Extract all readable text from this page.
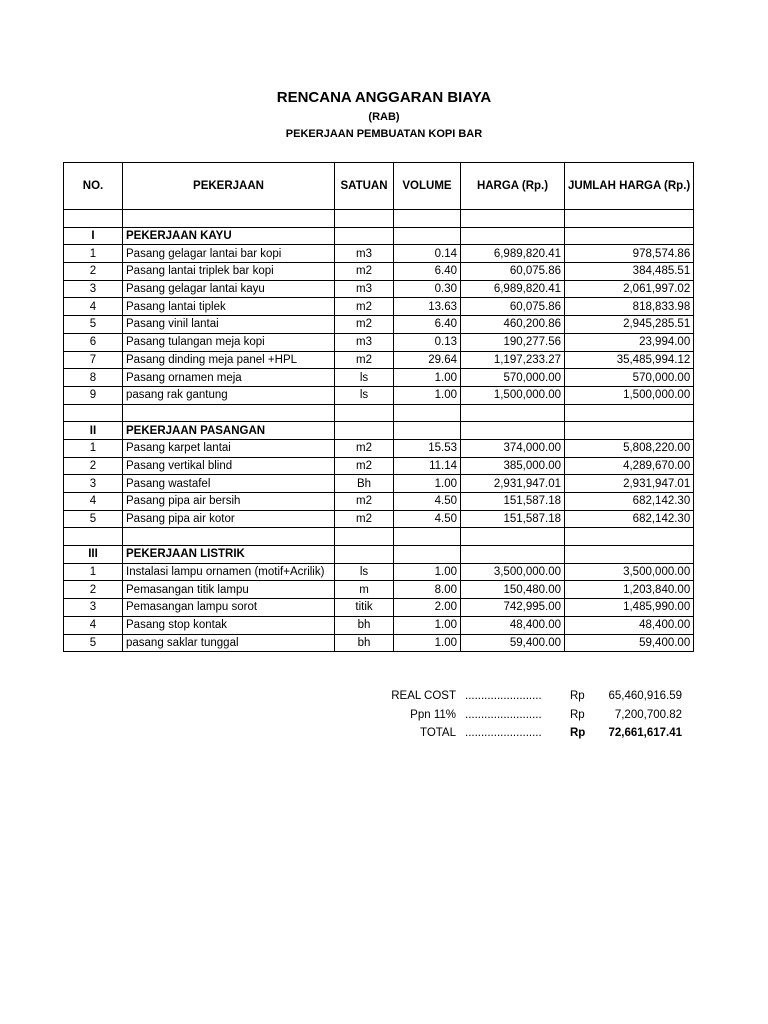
RENCANA ANGGARAN BIAYA
(RAB)
PEKERJAAN PEMBUATAN KOPI BAR
NO.	PEKERJAAN	SATUAN	VOLUME	HARGA (Rp.)	JUMLAH HARGA (Rp.)

I	PEKERJAAN KAYU				
1	Pasang gelagar lantai bar kopi	m3	0.14	6,989,820.41	978,574.86
2	Pasang lantai triplek bar kopi	m2	6.40	60,075.86	384,485.51
3	Pasang gelagar lantai kayu	m3	0.30	6,989,820.41	2,061,997.02
4	Pasang lantai tiplek	m2	13.63	60,075.86	818,833.98
5	Pasang vinil lantai	m2	6.40	460,200.86	2,945,285.51
6	Pasang tulangan meja kopi	m3	0.13	190,277.56	23,994.00
7	Pasang dinding meja panel +HPL	m2	29.64	1,197,233.27	35,485,994.12
8	Pasang ornamen meja	ls	1.00	570,000.00	570,000.00
9	pasang rak gantung	ls	1.00	1,500,000.00	1,500,000.00

II	PEKERJAAN PASANGAN				
1	Pasang karpet lantai	m2	15.53	374,000.00	5,808,220.00
2	Pasang vertikal blind	m2	11.14	385,000.00	4,289,670.00
3	Pasang wastafel	Bh	1.00	2,931,947.01	2,931,947.01
4	Pasang pipa air bersih	m2	4.50	151,587.18	682,142.30
5	Pasang pipa air kotor	m2	4.50	151,587.18	682,142.30

III	PEKERJAAN LISTRIK				
1	Instalasi lampu ornamen (motif+Acrilik)	ls	1.00	3,500,000.00	3,500,000.00
2	Pemasangan titik lampu	m	8.00	150,480.00	1,203,840.00
3	Pemasangan lampu sorot	titik	2.00	742,995.00	1,485,990.00
4	Pasang stop kontak	bh	1.00	48,400.00	48,400.00
5	pasang saklar tunggal	bh	1.00	59,400.00	59,400.00
REAL COST ........................ Rp 65,460,916.59
Ppn 11% ........................ Rp	7,200,700.82
TOTAL ........................ Rp 72,661,617.41
